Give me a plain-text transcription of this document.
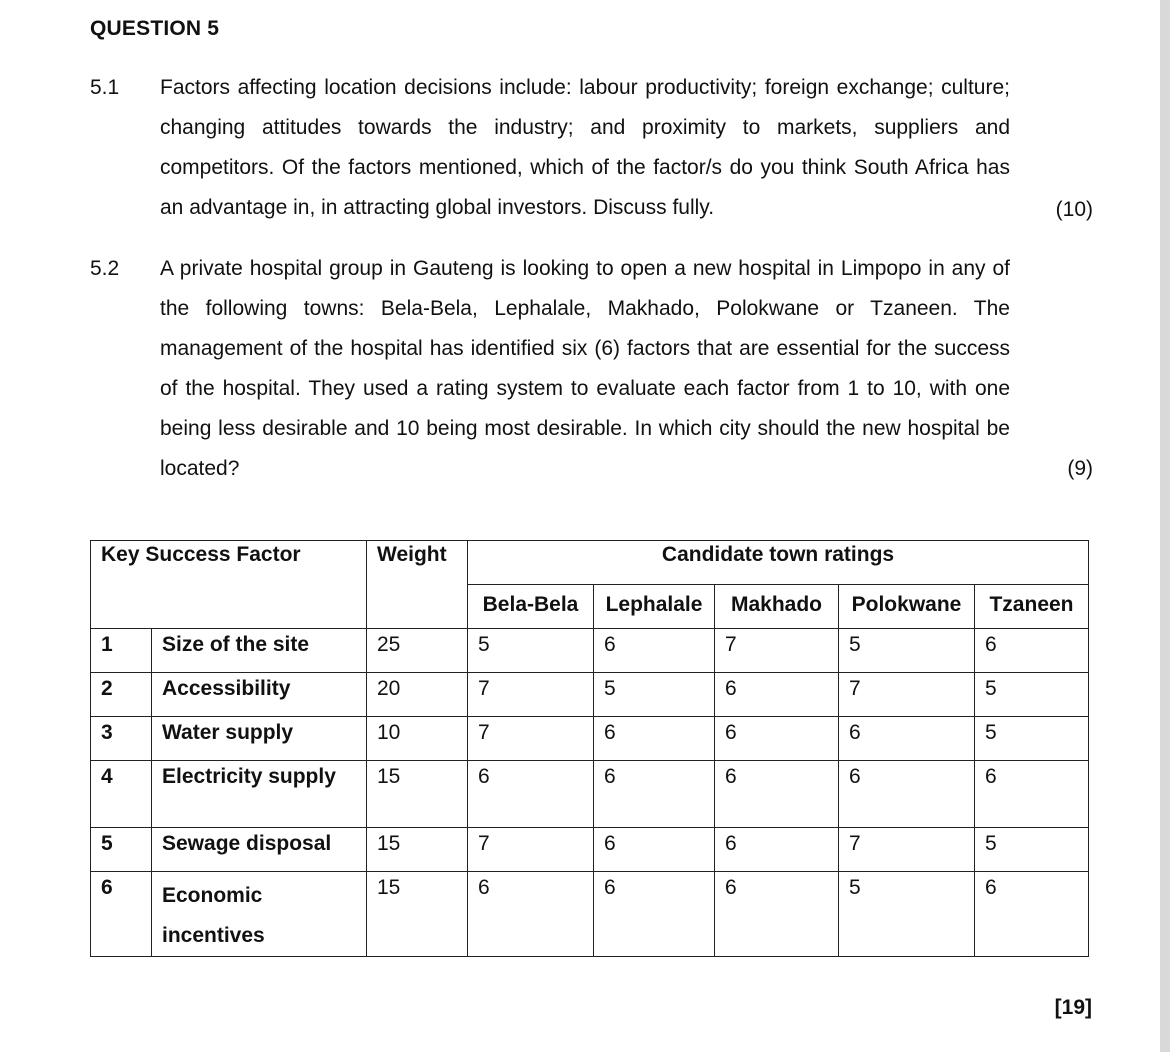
QUESTION 5
5.1 Factors affecting location decisions include: labour productivity; foreign exchange; culture; changing attitudes towards the industry; and proximity to markets, suppliers and competitors. Of the factors mentioned, which of the factor/s do you think South Africa has an advantage in, in attracting global investors. Discuss fully.	(10)
5.2 A private hospital group in Gauteng is looking to open a new hospital in Limpopo in any of the following towns: Bela-Bela, Lephalale, Makhado, Polokwane or Tzaneen. The management of the hospital has identified six (6) factors that are essential for the success of the hospital. They used a rating system to evaluate each factor from 1 to 10, with one being less desirable and 10 being most desirable. In which city should the new hospital be located?	(9)
Key Success Factor		Weight	Candidate town ratings				
			Bela-Bela	Lephalale	Makhado	Polokwane	Tzaneen
1	Size of the site	25	5	6	7	5	6
2	Accessibility	20	7	5	6	7	5
3	Water supply	10	7	6	6	6	5
4	Electricity supply	15	6	6	6	6	6
5	Sewage disposal	15	7	6	6	7	5
6	Economic incentives	15	6	6	6	5	6
[19]
